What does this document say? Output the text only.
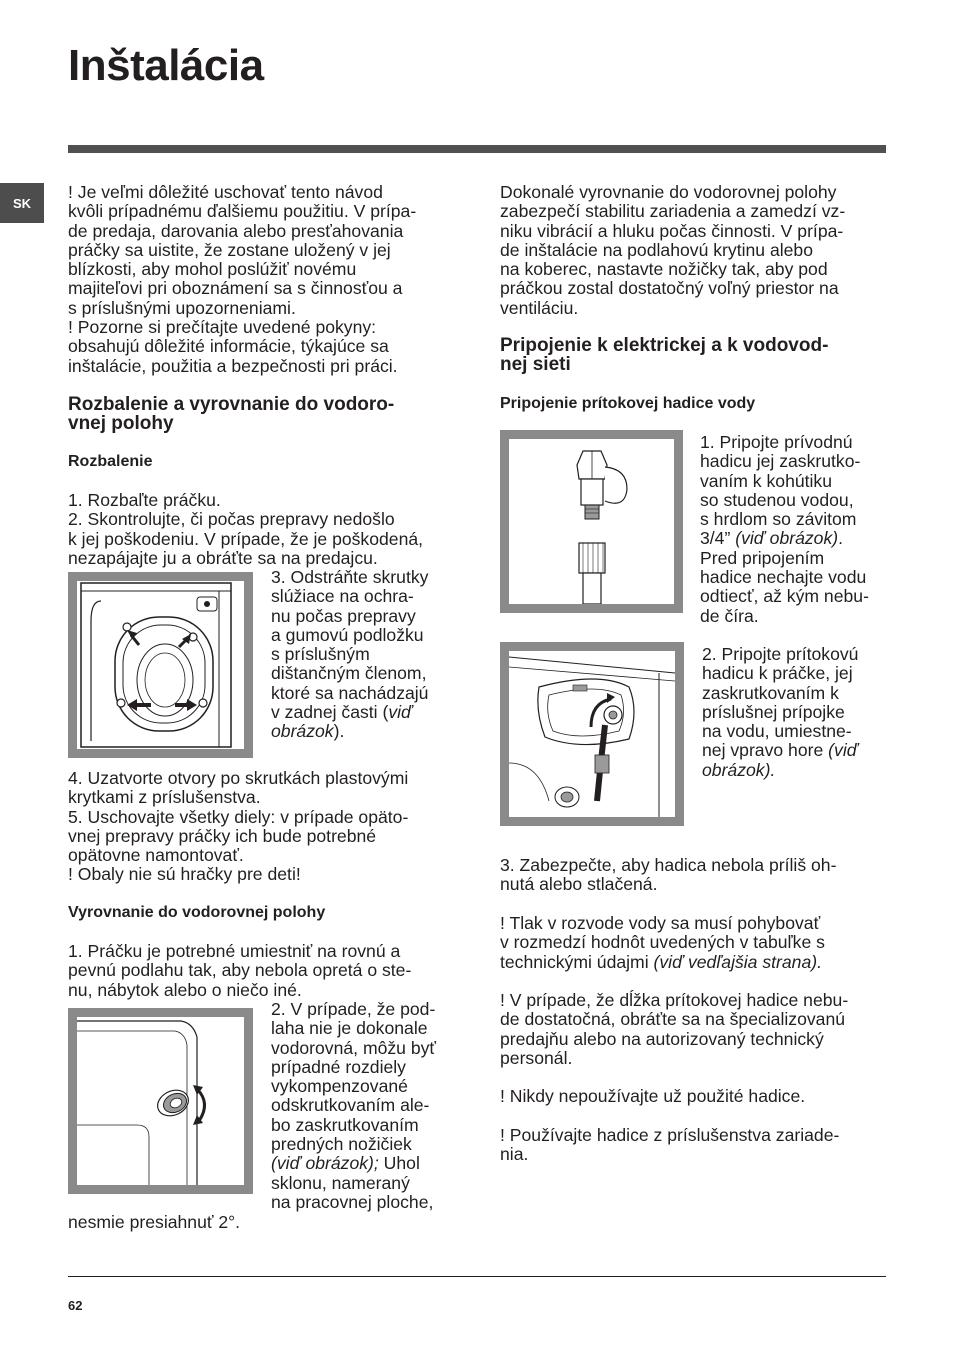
Inštalácia
SK

! Je veľmi dôležité uschovať tento návod
kvôli prípadnému ďalšiemu použitiu. V prípa-
de predaja, darovania alebo presťahovania
práčky sa uistite, že zostane uložený v jej
blízkosti, aby mohol poslúžiť novému
majiteľovi pri oboznámení sa s činnosťou a
s príslušnými upozorneniami.
! Pozorne si prečítajte uvedené pokyny:
obsahujú dôležité informácie, týkajúce sa
inštalácie, použitia a bezpečnosti pri práci.

Rozbalenie a vyrovnanie do vodoro-
vnej polohy

Rozbalenie

1. Rozbaľte práčku.
2. Skontrolujte, či počas prepravy nedošlo
k jej poškodeniu. V prípade, že je poškodená,
nezapájajte ju a obráťte sa na predajcu.

3. Odstráňte skrutky
slúžiace na ochra-
nu počas prepravy
a gumovú podložku
s príslušným
dištančným členom,
ktoré sa nachádzajú
v zadnej časti (viď
obrázok).

4. Uzatvorte otvory po skrutkách plastovými
krytkami z príslušenstva.
5. Uschovajte všetky diely: v prípade opäto-
vnej prepravy práčky ich bude potrebné
opätovne namontovať.
! Obaly nie sú hračky pre deti!

Vyrovnanie do vodorovnej polohy

1. Práčku je potrebné umiestniť na rovnú a
pevnú podlahu tak, aby nebola opretá o ste-
nu, nábytok alebo o niečo iné.

2. V prípade, že pod-
laha nie je dokonale
vodorovná, môžu byť
prípadné rozdiely
vykompenzované
odskrutkovaním ale-
bo zaskrutkovaním
predných nožičiek
(viď obrázok); Uhol
sklonu, nameraný
na pracovnej ploche,

nesmie presiahnuť 2°.

Dokonalé vyrovnanie do vodorovnej polohy
zabezpečí stabilitu zariadenia a zamedzí vz-
niku vibrácií a hluku počas činnosti. V prípa-
de inštalácie na podlahovú krytinu alebo
na koberec, nastavte nožičky tak, aby pod
práčkou zostal dostatočný voľný priestor na
ventiláciu.

Pripojenie k elektrickej a k vodovod-
nej sieti

Pripojenie prítokovej hadice vody

1. Pripojte prívodnú
hadicu jej zaskrutko-
vaním k kohútiku
so studenou vodou,
s hrdlom so závitom
3/4” (viď obrázok).
Pred pripojením
hadice nechajte vodu
odtiecť, až kým nebu-
de číra.

2. Pripojte prítokovú
hadicu k práčke, jej
zaskrutkovaním k
príslušnej prípojke
na vodu, umiestne-
nej vpravo hore (viď
obrázok).

3. Zabezpečte, aby hadica nebola príliš oh-
nutá alebo stlačená.

! Tlak v rozvode vody sa musí pohybovať
v rozmedzí hodnôt uvedených v tabuľke s
technickými údajmi (viď vedľajšia strana).

! V prípade, že dĺžka prítokovej hadice nebu-
de dostatočná, obráťte sa na špecializovanú
predajňu alebo na autorizovaný technický
personál.

! Nikdy nepoužívajte už použité hadice.

! Používajte hadice z príslušenstva zariade-
nia.

62
